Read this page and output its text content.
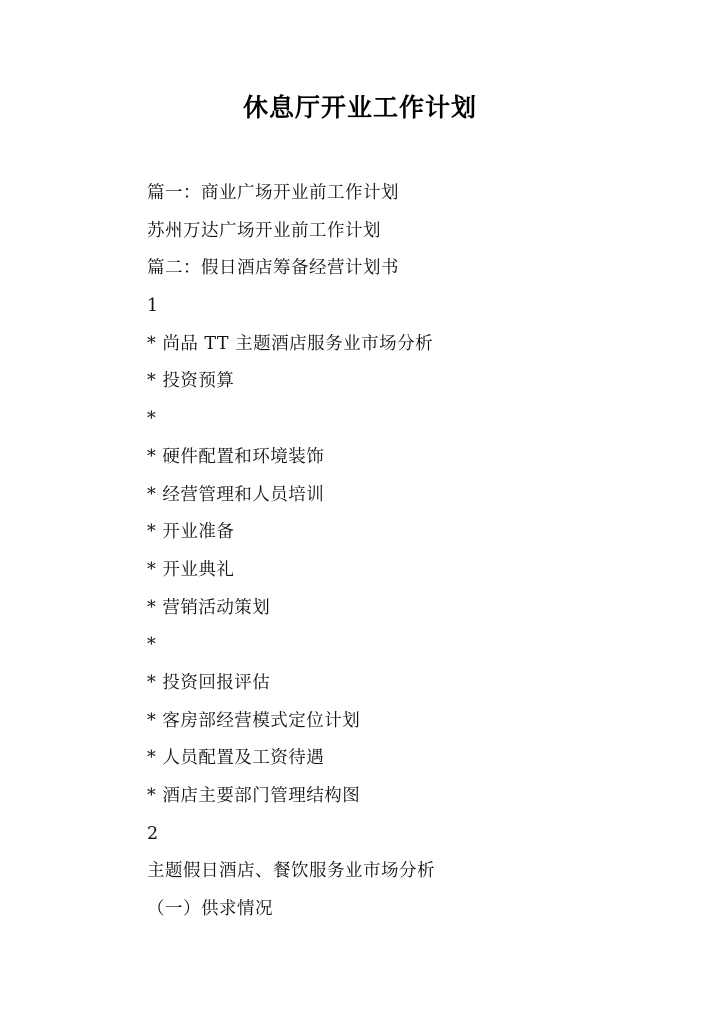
休息厅开业工作计划
篇一：商业广场开业前工作计划
苏州万达广场开业前工作计划
篇二：假日酒店筹备经营计划书
1
* 尚品 TT 主题酒店服务业市场分析
* 投资预算
*
* 硬件配置和环境装饰
* 经营管理和人员培训
* 开业准备
* 开业典礼
* 营销活动策划
*
* 投资回报评估
* 客房部经营模式定位计划
* 人员配置及工资待遇
* 酒店主要部门管理结构图
2
主题假日酒店、餐饮服务业市场分析
（一）供求情况
